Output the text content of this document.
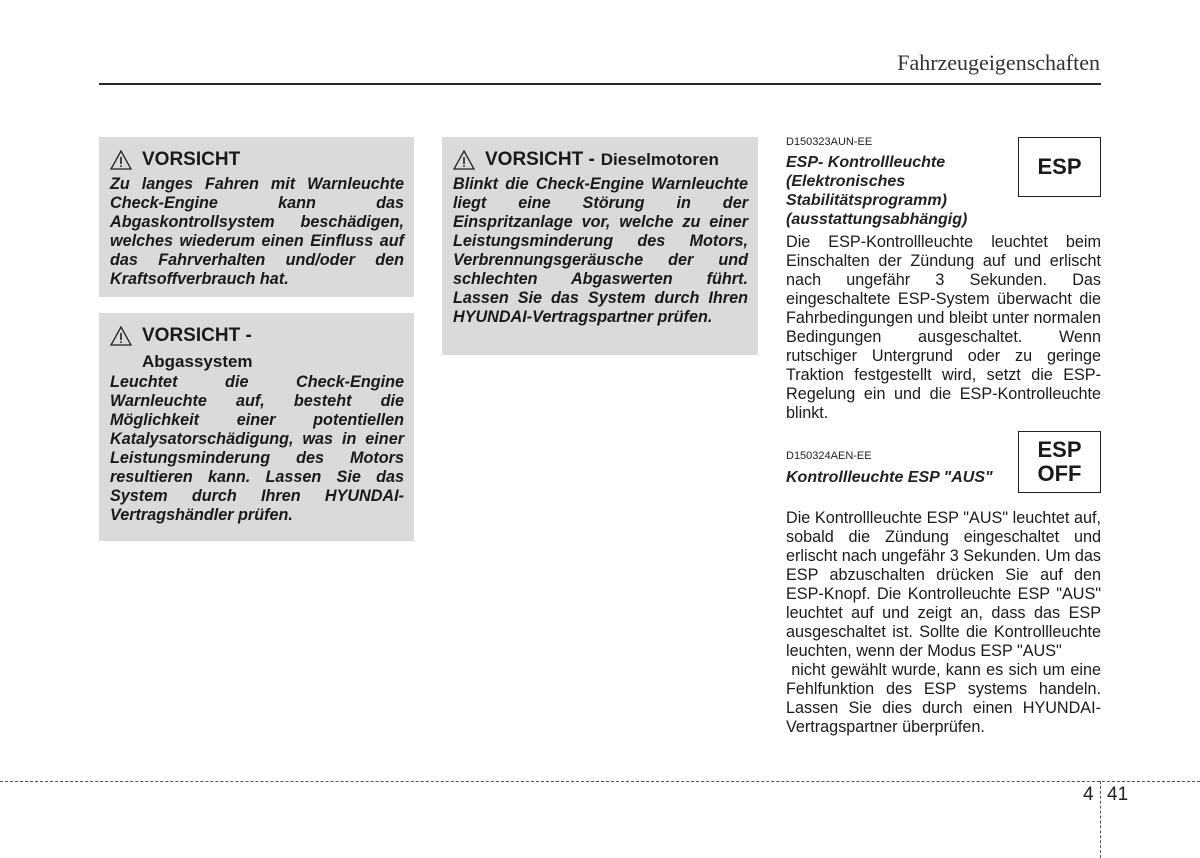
Fahrzeugeigenschaften
VORSICHT
Zu langes Fahren mit Warnleuchte Check-Engine kann das Abgaskontrollsystem beschädigen, welches wiederum einen Einfluss auf das Fahrverhalten und/oder den Kraftsoffverbrauch hat.
VORSICHT -
Abgassystem
Leuchtet die Check-Engine Warnleuchte auf, besteht die Möglichkeit einer potentiellen Katalysatorschädigung, was in einer Leistungsminderung des Motors resultieren kann. Lassen Sie das System durch Ihren HYUNDAI-Vertragshändler prüfen.
VORSICHT - Dieselmotoren
Blinkt die Check-Engine Warnleuchte liegt eine Störung in der Einspritzanlage vor, welche zu einer Leistungsminderung des Motors, Verbrennungsgeräusche der und schlechten Abgaswerten führt. Lassen Sie das System durch Ihren HYUNDAI-Vertragspartner prüfen.
D150323AUN-EE
ESP- Kontrollleuchte
(Elektronisches
Stabilitätsprogramm)
(ausstattungsabhängig)
ESP
Die ESP-Kontrollleuchte leuchtet beim Einschalten der Zündung auf und erlischt nach ungefähr 3 Sekunden. Das eingeschaltete ESP-System überwacht die Fahrbedingungen und bleibt unter normalen Bedingungen ausgeschaltet. Wenn rutschiger Untergrund oder zu geringe Traktion festgestellt wird, setzt die ESP-Regelung ein und die ESP-Kontrolleuchte blinkt.
D150324AEN-EE
Kontrollleuchte ESP "AUS"
ESP
OFF
Die Kontrollleuchte ESP "AUS" leuchtet auf, sobald die Zündung eingeschaltet und erlischt nach ungefähr 3 Sekunden. Um das ESP abzuschalten drücken Sie auf den ESP-Knopf. Die Kontrolleuchte ESP "AUS" leuchtet auf und zeigt an, dass das ESP ausgeschaltet ist. Sollte die Kontrollleuchte leuchten, wenn der Modus ESP "AUS"
nicht gewählt wurde, kann es sich um eine Fehlfunktion des ESP systems handeln. Lassen Sie dies durch einen HYUNDAI-Vertragspartner überprüfen.
4 41
